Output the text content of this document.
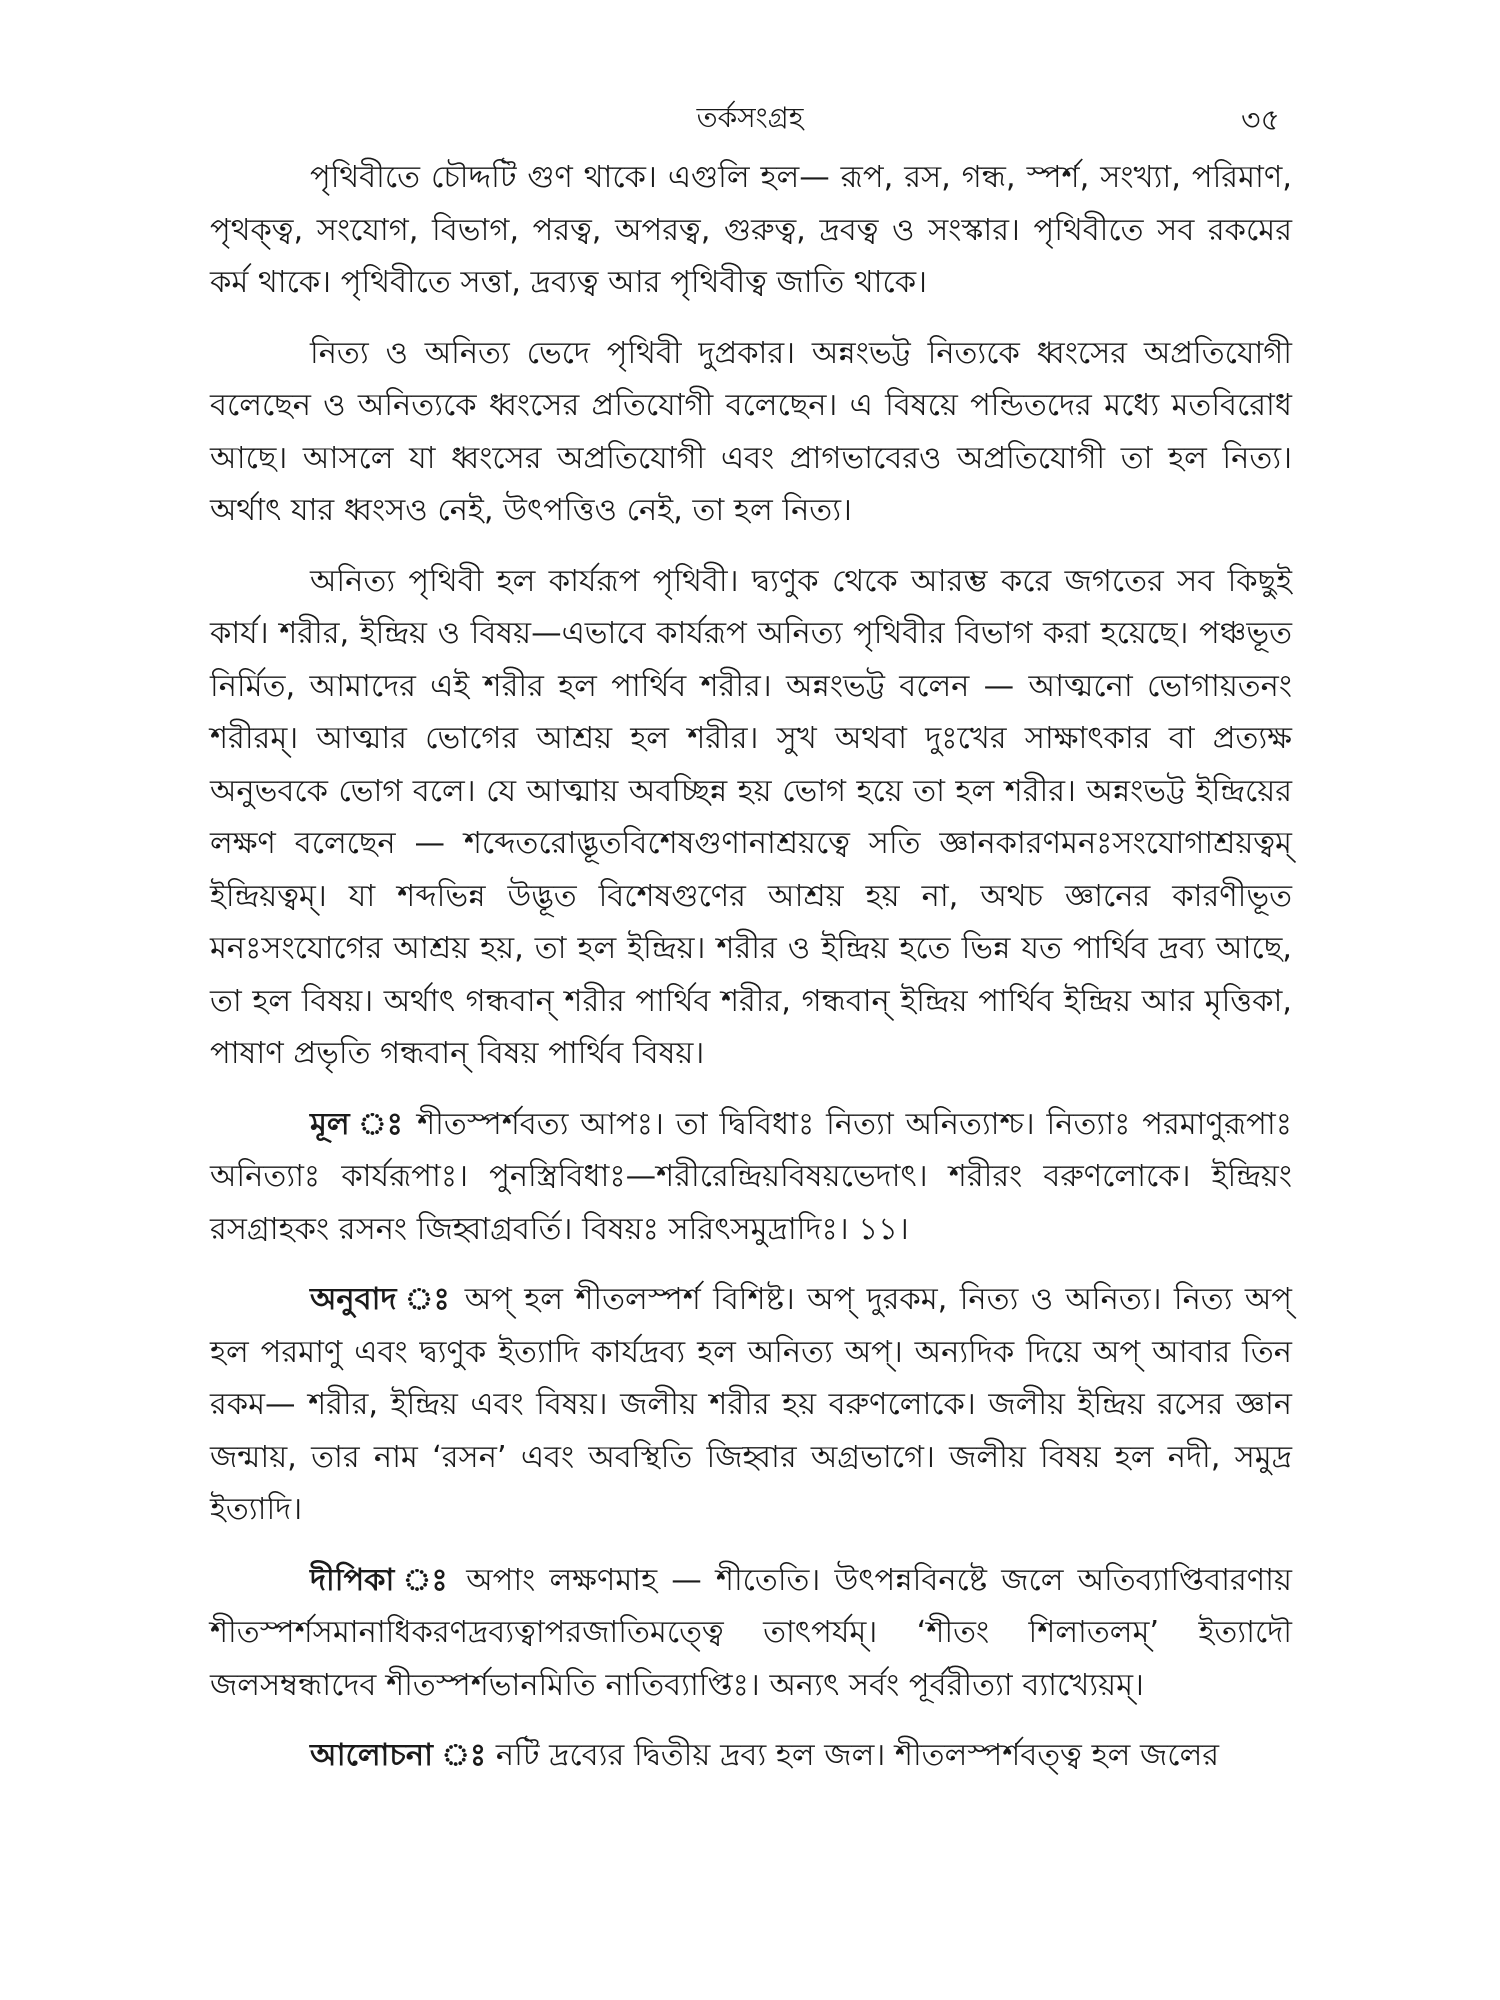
তর্কসংগ্রহ	৩৫

পৃথিবীতে চৌদ্দটি গুণ থাকে। এগুলি হল— রূপ, রস, গন্ধ, স্পর্শ, সংখ্যা, পরিমাণ, পৃথক্ত্ব, সংযোগ, বিভাগ, পরত্ব, অপরত্ব, গুরুত্ব, দ্রবত্ব ও সংস্কার। পৃথিবীতে সব রকমের কর্ম থাকে। পৃথিবীতে সত্তা, দ্রব্যত্ব আর পৃথিবীত্ব জাতি থাকে।

নিত্য ও অনিত্য ভেদে পৃথিবী দুপ্রকার। অন্নংভট্ট নিত্যকে ধ্বংসের অপ্রতিযোগী বলেছেন ও অনিত্যকে ধ্বংসের প্রতিযোগী বলেছেন। এ বিষয়ে পন্ডিতদের মধ্যে মতবিরোধ আছে। আসলে যা ধ্বংসের অপ্রতিযোগী এবং প্রাগভাবেরও অপ্রতিযোগী তা হল নিত্য। অর্থাৎ যার ধ্বংসও নেই, উৎপত্তিও নেই, তা হল নিত্য।

অনিত্য পৃথিবী হল কার্যরূপ পৃথিবী। দ্ব্যণুক থেকে আরম্ভ করে জগতের সব কিছুই কার্য। শরীর, ইন্দ্রিয় ও বিষয়—এভাবে কার্যরূপ অনিত্য পৃথিবীর বিভাগ করা হয়েছে। পঞ্চভূত নির্মিত, আমাদের এই শরীর হল পার্থিব শরীর। অন্নংভট্ট বলেন — আত্মনো ভোগায়তনং শরীরম্। আত্মার ভোগের আশ্রয় হল শরীর। সুখ অথবা দুঃখের সাক্ষাৎকার বা প্রত্যক্ষ অনুভবকে ভোগ বলে। যে আত্মায় অবচ্ছিন্ন হয় ভোগ হয়ে তা হল শরীর। অন্নংভট্ট ইন্দ্রিয়ের লক্ষণ বলেছেন — শব্দেতরোদ্ভূতবিশেষগুণানাশ্রয়ত্বে সতি জ্ঞানকারণমনঃসংযোগাশ্রয়ত্বম্ ইন্দ্রিয়ত্বম্। যা শব্দভিন্ন উদ্ভূত বিশেষগুণের আশ্রয় হয় না, অথচ জ্ঞানের কারণীভূত মনঃসংযোগের আশ্রয় হয়, তা হল ইন্দ্রিয়। শরীর ও ইন্দ্রিয় হতে ভিন্ন যত পার্থিব দ্রব্য আছে, তা হল বিষয়। অর্থাৎ গন্ধবান্ শরীর পার্থিব শরীর, গন্ধবান্ ইন্দ্রিয় পার্থিব ইন্দ্রিয় আর মৃত্তিকা, পাষাণ প্রভৃতি গন্ধবান্ বিষয় পার্থিব বিষয়।

মূল ঃ শীতস্পর্শবত্য আপঃ। তা দ্বিবিধাঃ নিত্যা অনিত্যাশ্চ। নিত্যাঃ পরমাণুরূপাঃ অনিত্যাঃ কার্যরূপাঃ। পুনস্ত্রিবিধাঃ—শরীরেন্দ্রিয়বিষয়ভেদাৎ। শরীরং বরুণলোকে। ইন্দ্রিয়ং রসগ্রাহকং রসনং জিহ্বাগ্রবর্তি। বিষয়ঃ সরিৎসমুদ্রাদিঃ। ১১।

অনুবাদ ঃ অপ্ হল শীতলস্পর্শ বিশিষ্ট। অপ্ দুরকম, নিত্য ও অনিত্য। নিত্য অপ্ হল পরমাণু এবং দ্ব্যণুক ইত্যাদি কার্যদ্রব্য হল অনিত্য অপ্। অন্যদিক দিয়ে অপ্ আবার তিন রকম— শরীর, ইন্দ্রিয় এবং বিষয়। জলীয় শরীর হয় বরুণলোকে। জলীয় ইন্দ্রিয় রসের জ্ঞান জন্মায়, তার নাম ‘রসন’ এবং অবস্থিতি জিহ্বার অগ্রভাগে। জলীয় বিষয় হল নদী, সমুদ্র ইত্যাদি।

দীপিকা ঃ অপাং লক্ষণমাহ — শীতেতি। উৎপন্নবিনষ্টে জলে অতিব্যাপ্তিবারণায় শীতস্পর্শসমানাধিকরণদ্রব্যত্বাপরজাতিমত্ত্বে তাৎপর্যম্। ‘শীতং শিলাতলম্’ ইত্যাদৌ জলসম্বন্ধাদেব শীতস্পর্শভানমিতি নাতিব্যাপ্তিঃ। অন্যৎ সর্বং পূর্বরীত্যা ব্যাখ্যেয়ম্।

আলোচনা ঃ নটি দ্রব্যের দ্বিতীয় দ্রব্য হল জল। শীতলস্পর্শবত্ত্ব হল জলের
